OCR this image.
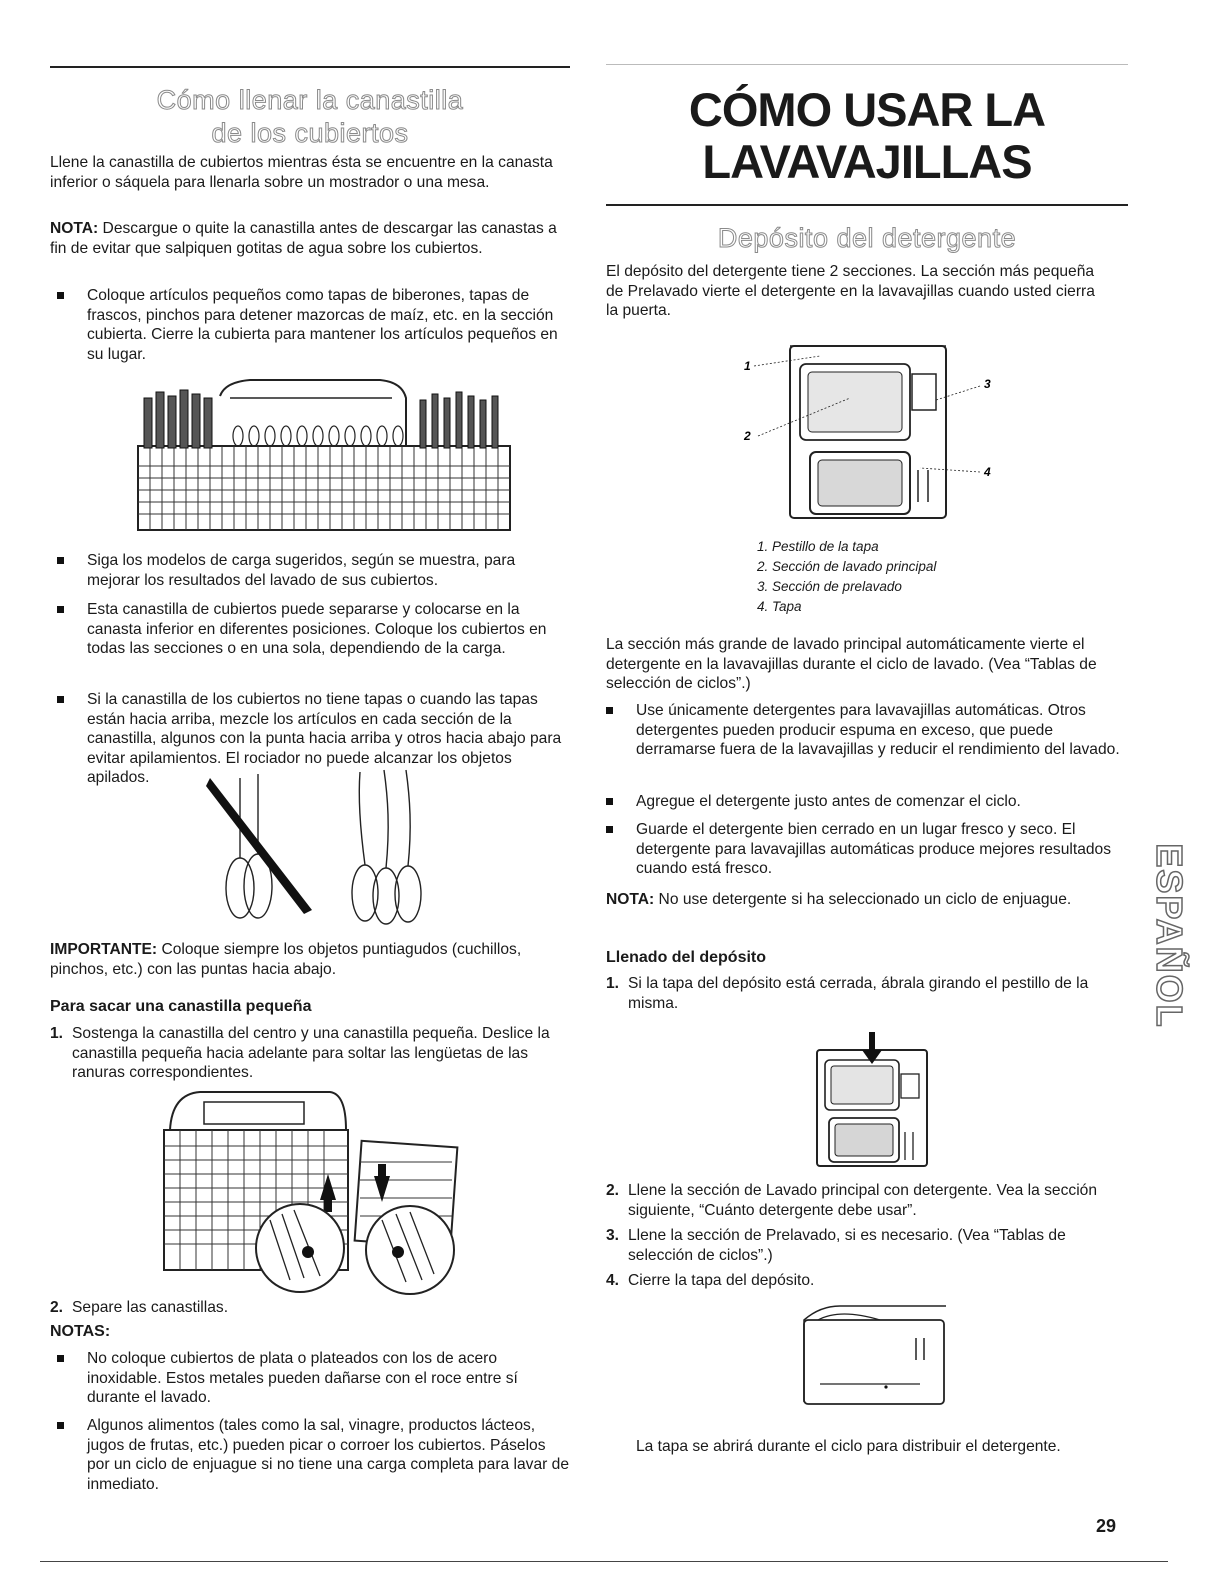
Cómo llenar la canastilla
de los cubiertos

Llene la canastilla de cubiertos mientras ésta se encuentre en la canasta inferior o sáquela para llenarla sobre un mostrador o una mesa.

NOTA: Descargue o quite la canastilla antes de descargar las canastas a fin de evitar que salpiquen gotitas de agua sobre los cubiertos.

Coloque artículos pequeños como tapas de biberones, tapas de frascos, pinchos para detener mazorcas de maíz, etc. en la sección cubierta. Cierre la cubierta para mantener los artículos pequeños en su lugar.
Siga los modelos de carga sugeridos, según se muestra, para mejorar los resultados del lavado de sus cubiertos.
Esta canastilla de cubiertos puede separarse y colocarse en la canasta inferior en diferentes posiciones. Coloque los cubiertos en todas las secciones o en una sola, dependiendo de la carga.
Si la canastilla de los cubiertos no tiene tapas o cuando las tapas están hacia arriba, mezcle los artículos en cada sección de la canastilla, algunos con la punta hacia arriba y otros hacia abajo para evitar apilamientos. El rociador no puede alcanzar los objetos apilados.

IMPORTANTE: Coloque siempre los objetos puntiagudos (cuchillos, pinchos, etc.) con las puntas hacia abajo.

Para sacar una canastilla pequeña
1. Sostenga la canastilla del centro y una canastilla pequeña. Deslice la canastilla pequeña hacia adelante para soltar las lengüetas de las ranuras correspondientes.
2. Separe las canastillas.
NOTAS:
No coloque cubiertos de plata o plateados con los de acero inoxidable. Estos metales pueden dañarse con el roce entre sí durante el lavado.
Algunos alimentos (tales como la sal, vinagre, productos lácteos, jugos de frutas, etc.) pueden picar o corroer los cubiertos. Páselos por un ciclo de enjuague si no tiene una carga completa para lavar de inmediato.
CÓMO USAR LA
LAVAVAJILLAS
Depósito del detergente

El depósito del detergente tiene 2 secciones. La sección más pequeña de Prelavado vierte el detergente en la lavavajillas cuando usted cierra la puerta.

1
2
3
4
1. Pestillo de la tapa
2. Sección de lavado principal
3. Sección de prelavado
4. Tapa

La sección más grande de lavado principal automáticamente vierte el detergente en la lavavajillas durante el ciclo de lavado. (Vea “Tablas de selección de ciclos”.)

Use únicamente detergentes para lavavajillas automáticas. Otros detergentes pueden producir espuma en exceso, que puede derramarse fuera de la lavavajillas y reducir el rendimiento del lavado.
Agregue el detergente justo antes de comenzar el ciclo.
Guarde el detergente bien cerrado en un lugar fresco y seco. El detergente para lavavajillas automáticas produce mejores resultados cuando está fresco.

NOTA: No use detergente si ha seleccionado un ciclo de enjuague.

Llenado del depósito
1. Si la tapa del depósito está cerrada, ábrala girando el pestillo de la misma.
2. Llene la sección de Lavado principal con detergente. Vea la sección siguiente, “Cuánto detergente debe usar”.
3. Llene la sección de Prelavado, si es necesario. (Vea “Tablas de selección de ciclos”.)
4. Cierre la tapa del depósito.

La tapa se abrirá durante el ciclo para distribuir el detergente.

ESPAÑOL
29
